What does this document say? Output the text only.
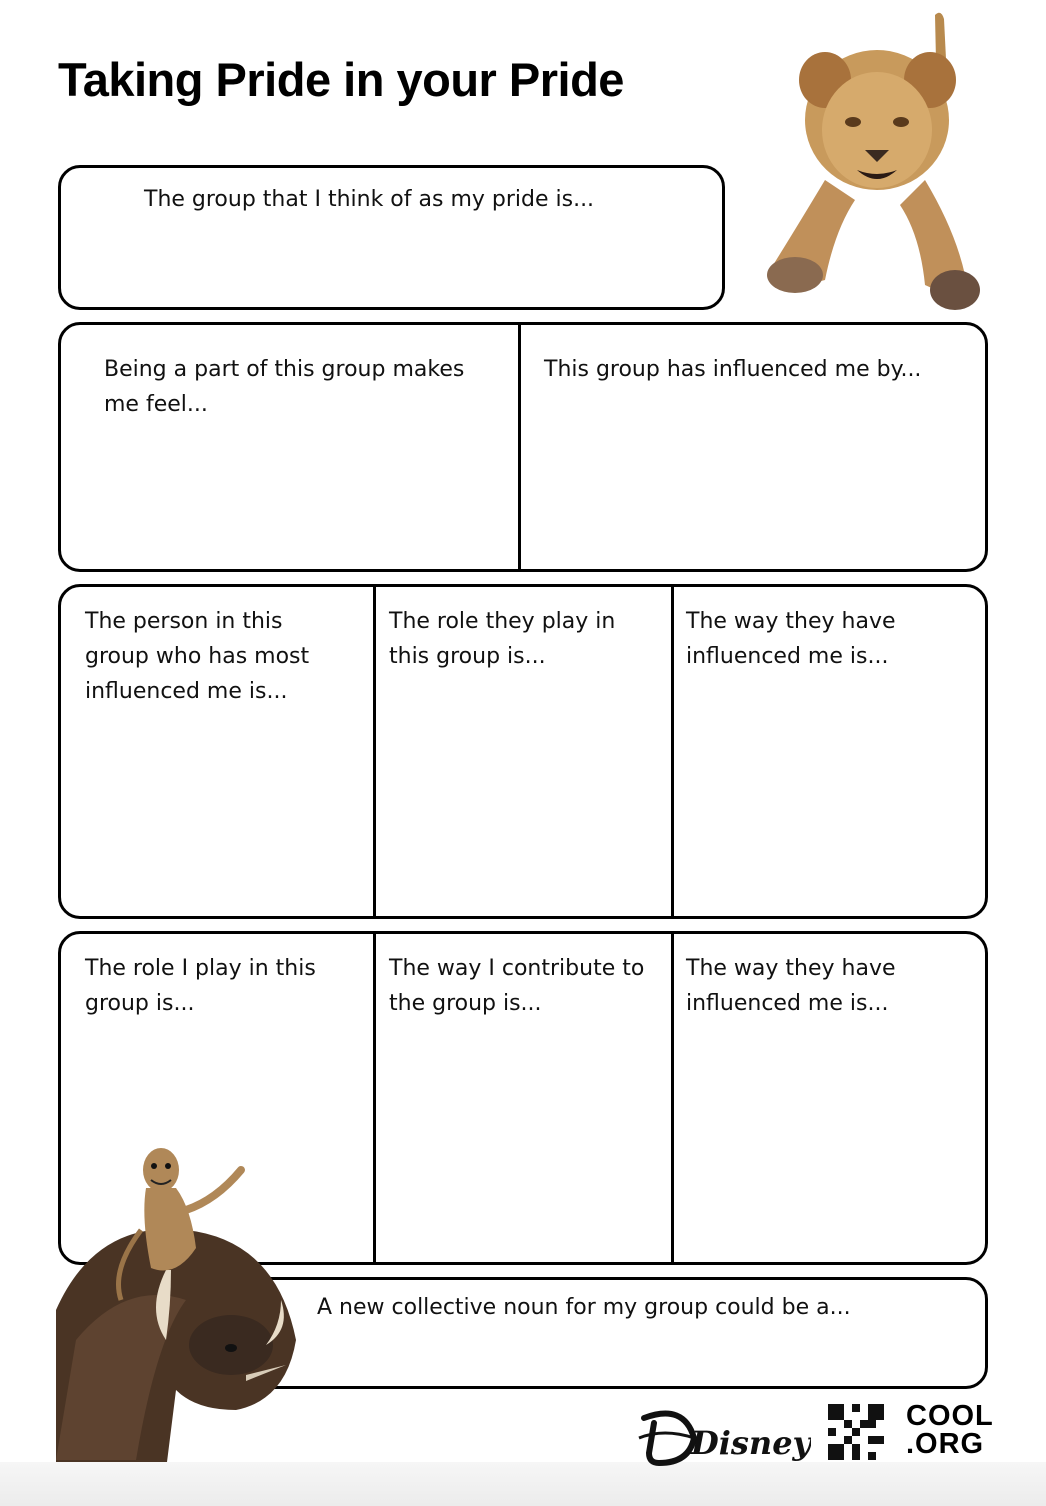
Taking Pride in your Pride
The group that I think of as my pride is...
Being a part of this group makes me feel...
This group has influenced me by...
The person in this group who has most influenced me is...
The role they play in this group is...
The way they have influenced me is...
The role I play in this group is...
The way I contribute to the group is...
The way they have influenced me is...
A new collective noun for my group could be a...
Disney
COOL
.ORG
